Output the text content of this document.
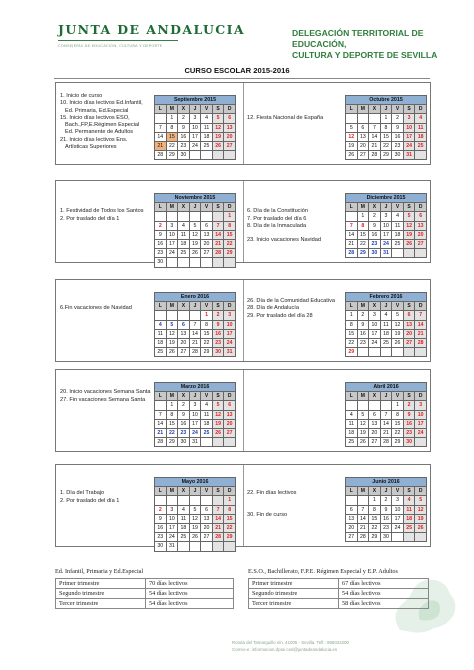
JUNTA DE ANDALUCIA
CONSEJERÍA DE EDUCACIÓN, CULTURA Y DEPORTE
DELEGACIÓN TERRITORIAL DE EDUCACIÓN,
CULTURA Y DEPORTE DE SEVILLA
CURSO ESCOLAR 2015-2016
1. Inicio de curso
10. Inicio días lectivos Ed.Infantil,
Ed. Primaria, Ed.Especial
15. Inicio días lectivos ESO,
Bach.,FP,E.Régimen Especial
Ed. Permanente de Adultos
21. Inicio días lectivos Ens.
Artísticas Superiores
Septiembre 2015						
L	M	X	J	V	S	D
	1	2	3	4	5	6
7	8	9	10	11	12	13
14	15	16	17	18	19	20
21	22	23	24	25	26	27
28	29	30				

12. Fiesta Nacional de España
Octubre 2015						
L	M	X	J	V	S	D
			1	2	3	4
5	6	7	8	9	10	11
12	13	14	15	16	17	18
19	20	21	22	23	24	25
26	27	28	29	30	31	

1. Festividad de Todos los Santos
2. Por traslado del día 1
Noviembre 2015						
L	M	X	J	V	S	D
						1
2	3	4	5	6	7	8
9	10	11	12	13	14	15
16	17	18	19	20	21	22
23	24	25	26	27	28	29
30						

6. Día de la Constitución
7. Por traslado del día 6
8. Día de la Inmaculada

23. Inicio vacaciones Navidad
Diciembre 2015						
L	M	X	J	V	S	D
	1	2	3	4	5	6
7	8	9	10	11	12	13
14	15	16	17	18	19	20
21	22	23	24	25	26	27
28	29	30	31			

6.Fin vacaciones de Navidad
Enero 2016						
L	M	X	J	V	S	D
				1	2	3
4	5	6	7	8	9	10
11	12	13	14	15	16	17
18	19	20	21	22	23	24
25	26	27	28	29	30	31
26. Día de la Comunidad Educativa
28. Día de Andalucía
29. Por traslado del día 28
Febrero 2016						
L	M	X	J	V	S	D
1	2	3	4	5	6	7
8	9	10	11	12	13	14
15	16	17	18	19	20	21
22	23	24	25	26	27	28
29						

20. Inicio vacaciones Semana Santa
27. Fin vacaciones Semana Santa
Marzo 2016						
L	M	X	J	V	S	D
	1	2	3	4	5	6
7	8	9	10	11	12	13
14	15	16	17	18	19	20
21	22	23	24	25	26	27
28	29	30	31			
Abril 2016						
L	M	X	J	V	S	D
				1	2	3
4	5	6	7	8	9	10
11	12	13	14	15	16	17
18	19	20	21	22	23	24
25	26	27	28	29	30	

1. Día del Trabajo
2. Por traslado del día 1
Mayo 2016						
L	M	X	J	V	S	D
						1
2	3	4	5	6	7	8
9	10	11	12	13	14	15
16	17	18	19	20	21	22
23	24	25	26	27	28	29
30	31					

22. Fin días lectivos

30. Fin de curso
Junio 2016						
L	M	X	J	V	S	D
		1	2	3	4	5
6	7	8	9	10	11	12
13	14	15	16	17	18	19
20	21	22	23	24	25	26
27	28	29	30			
Ed. Infantil, Primaria y Ed.Especial
Primer trimestre	70 días lectivos
Segundo trimestre	54 días lectivos
Tercer trimestre	54 días lectivos
E.S.O., Bachillerato, F.P.E. Régimen Especial y E.P. Adultos
Primer trimestre	67 días lectivos
Segundo trimestre	54 días lectivos
Tercer trimestre	58 días lectivos
Ronda del Tamarguillo s/n. 41005 - Sevilla. Telf.: 955034200
Correo-e: informacion.dpse.ced@juntadeandalucia.es
